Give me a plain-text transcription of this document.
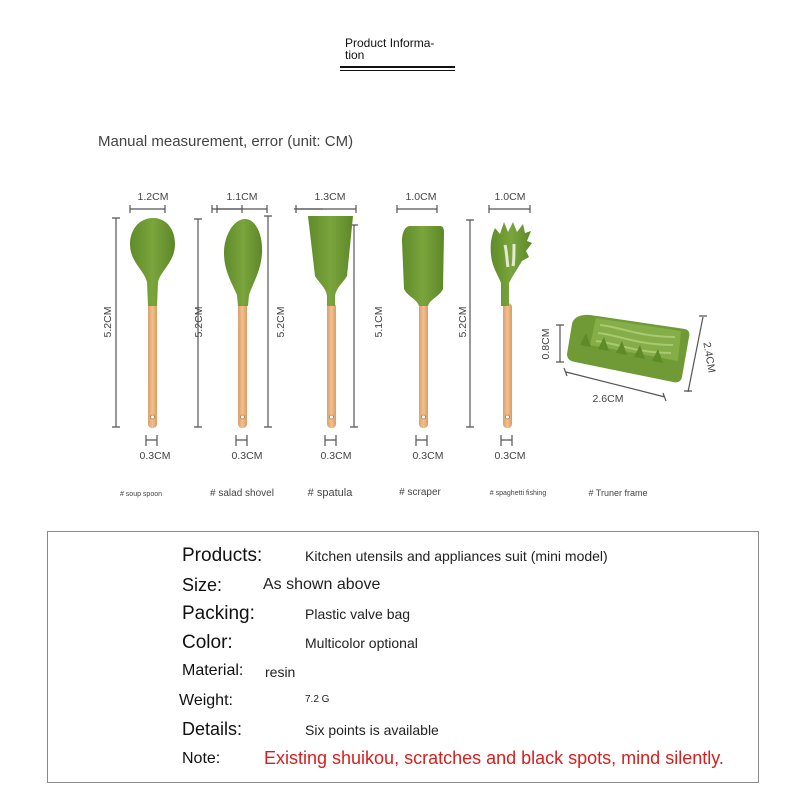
Product Informa-
tion
Manual measurement, error (unit: CM)
1.2CM	1.1CM	1.3CM	1.0CM	1.0CM
5.2CM	5.2CM	5.2CM	5.1CM	5.2CM
0.3CM	0.3CM	0.3CM	0.3CM	0.3CM
0.8CM
2.6CM
2.4CM
# soup spoon	# salad shovel	# spatula	# scraper	# spaghetti fishing	# Truner frame
Products:	Kitchen utensils and appliances suit (mini model)
Size:	As shown above
Packing:	Plastic valve bag
Color:	Multicolor optional
Material: resin
Weight:	7.2 G
Details:	Six points is available
Note: Existing shuikou, scratches and black spots, mind silently.
